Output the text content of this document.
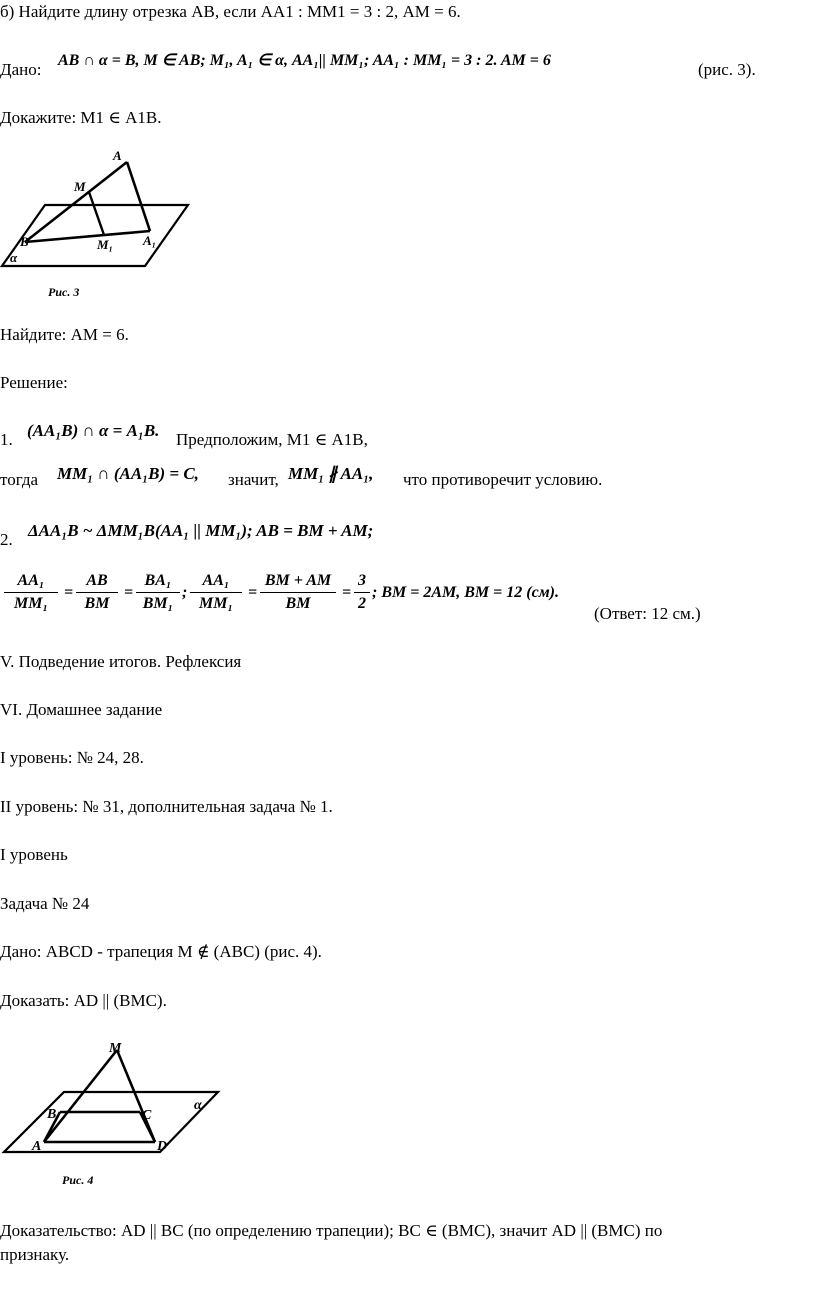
б) Найдите длину отрезка АВ, если АА1 : ММ1 = 3 : 2, АМ = 6.
Дано: AB ∩ α = B, M ∈ AB; M₁, A₁ ∈ α, AA₁|| MM₁; AA₁ : MM₁ = 3 : 2. AM = 6	(рис. 3).
Докажите: М1 ∈ А1В.
A
M
B	M₁ A₁
α
Рис. 3
Найдите: АМ = 6.
Решение:
1. (AA₁B) ∩ α = A₁B. Предположим, М1 ∈ А1В,
тогда MM₁ ∩ (AA₁B) = C, значит, MM₁ ∦ AA₁, что противоречит условию.
2. ΔAA₁B ~ ΔMM₁B(AA₁ || MM₁); AB = BM + AM;
AA₁
MM₁
=
AB
BM
=
BA₁
BM₁
;
AA₁
MM₁
=
BM + AM
BM
=
3
2
; BM = 2AM, BM = 12 (см).
(Ответ: 12 см.)
V. Подведение итогов. Рефлексия
VI. Домашнее задание
I уровень: № 24, 28.
II уровень: № 31, дополнительная задача № 1.
I уровень
Задача № 24
Дано: ABCD - трапеция М ∉ (АВС) (рис. 4).
Доказать: AD || (ВМС).
M
B	C
A	D
α
Рис. 4
Доказательство: AD || ВС (по определению трапеции); ВС ∈ (ВМС), значит AD || (ВМС) по
признаку.
